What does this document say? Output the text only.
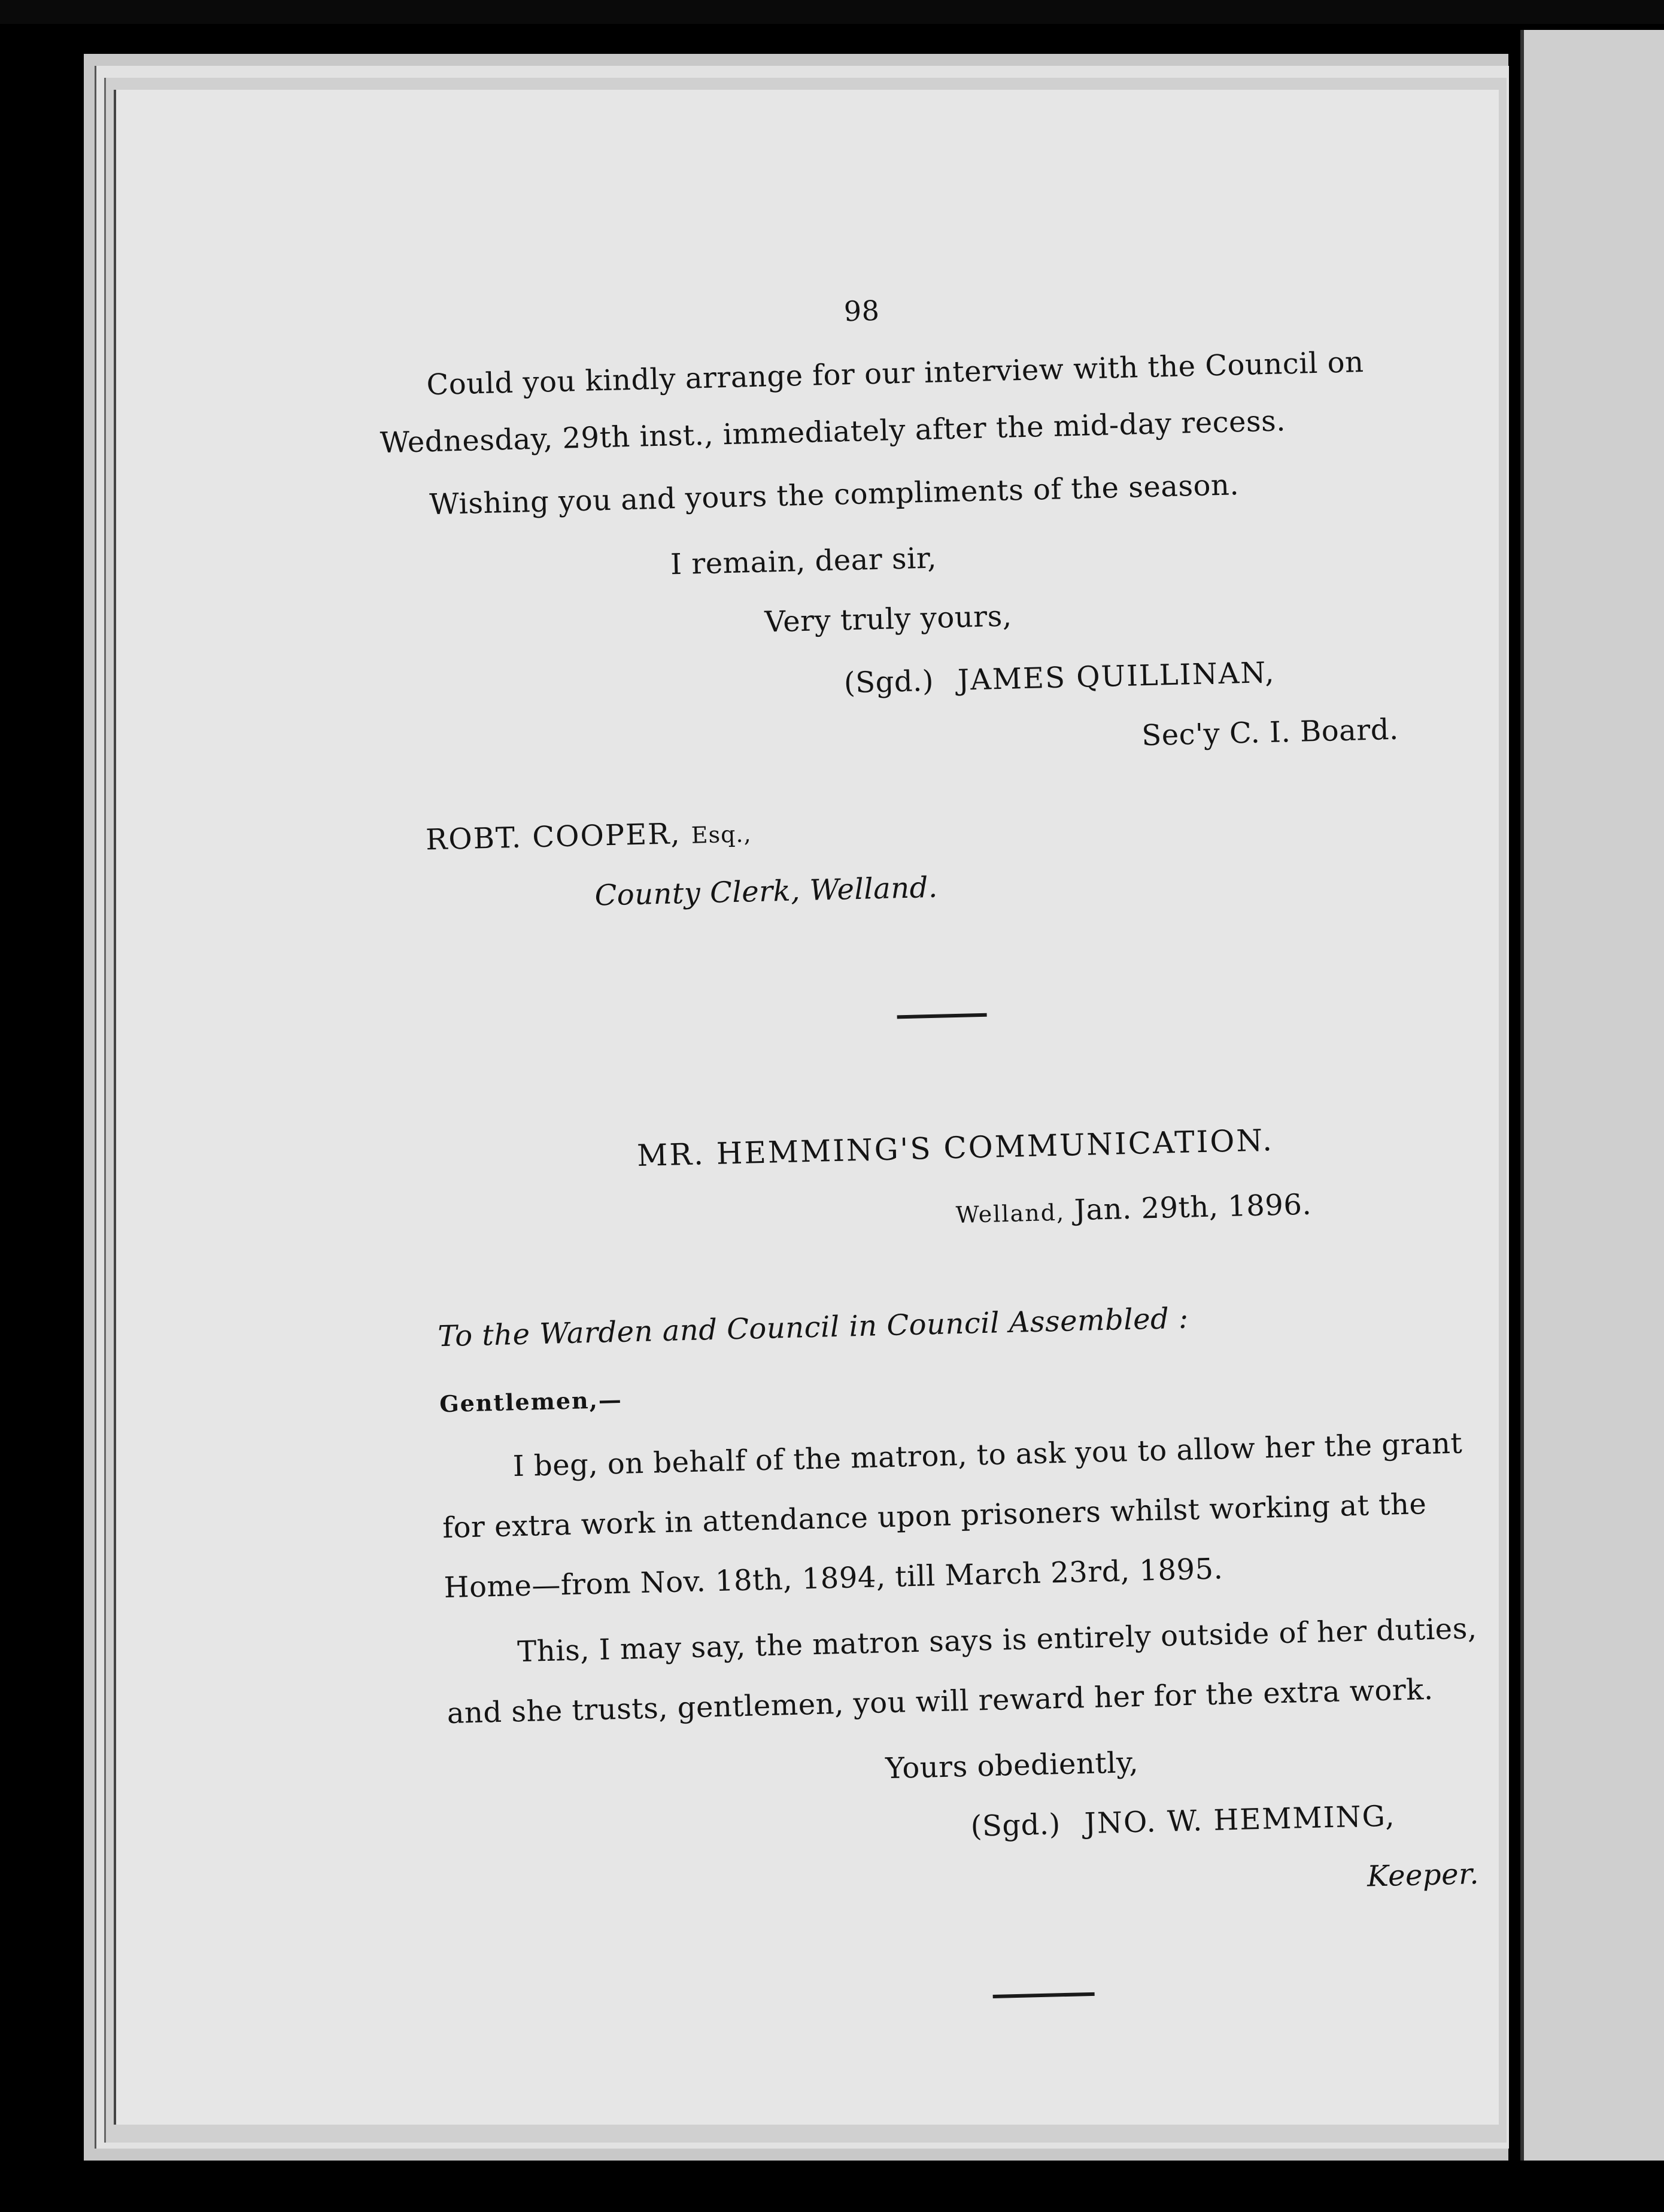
98
Could you kindly arrange for our interview with the Council on
Wednesday, 29th inst., immediately after the mid-day recess.
Wishing you and yours the compliments of the season.
I remain, dear sir,
Very truly yours,
(Sgd.) JAMES QUILLINAN,
Sec'y C. I. Board.
ROBT. COOPER, Esq.,
County Clerk, Welland.
MR. HEMMING'S COMMUNICATION.
Welland, Jan. 29th, 1896.
To the Warden and Council in Council Assembled :
Gentlemen,—
I beg, on behalf of the matron, to ask you to allow her the grant
for extra work in attendance upon prisoners whilst working at the
Home—from Nov. 18th, 1894, till March 23rd, 1895.
This, I may say, the matron says is entirely outside of her duties,
and she trusts, gentlemen, you will reward her for the extra work.
Yours obediently,
(Sgd.) JNO. W. HEMMING,
Keeper.
